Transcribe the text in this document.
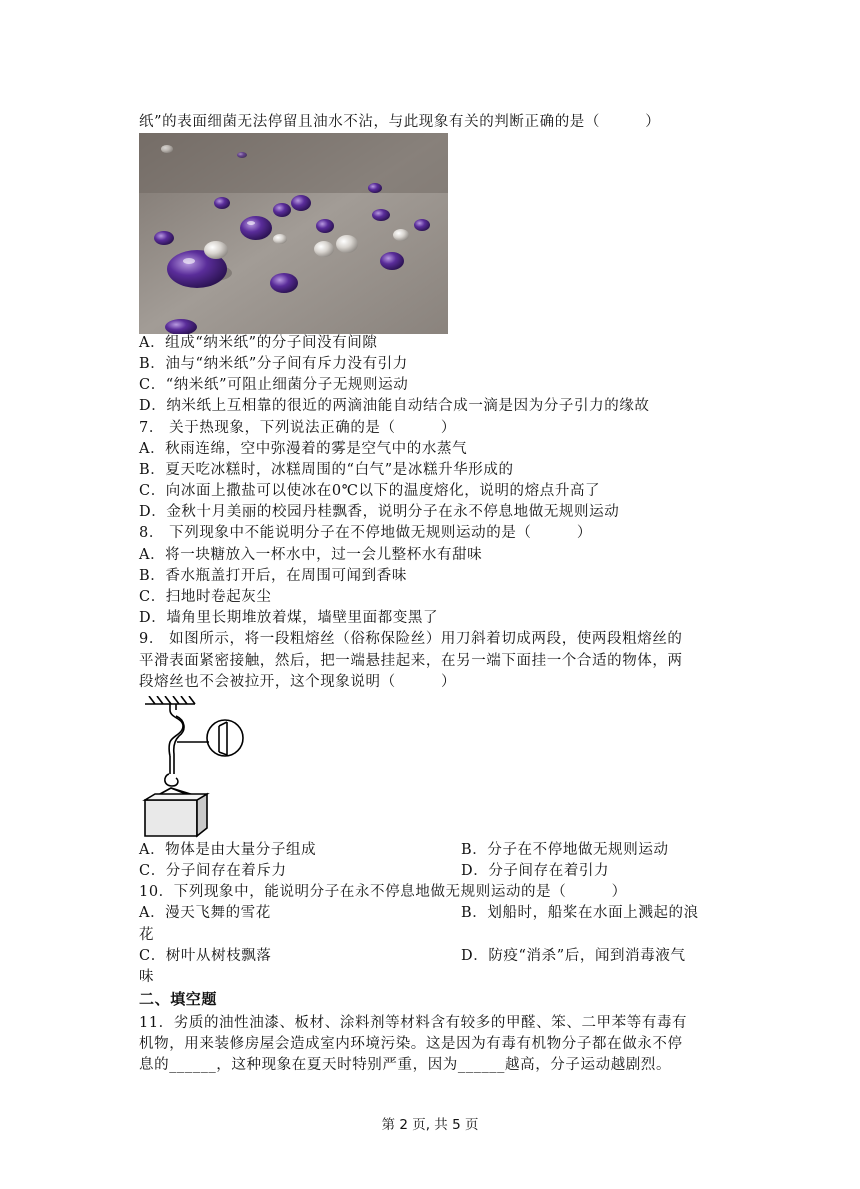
纸”的表面细菌无法停留且油水不沾，与此现象有关的判断正确的是（　　　）
A．组成“纳米纸”的分子间没有间隙
B．油与“纳米纸”分子间有斥力没有引力
C．“纳米纸”可阻止细菌分子无规则运动
D．纳米纸上互相靠的很近的两滴油能自动结合成一滴是因为分子引力的缘故
7． 关于热现象，下列说法正确的是（　　　）
A．秋雨连绵，空中弥漫着的雾是空气中的水蒸气
B．夏天吃冰糕时，冰糕周围的“白气”是冰糕升华形成的
C．向冰面上撒盐可以使冰在0℃以下的温度熔化，说明的熔点升高了
D．金秋十月美丽的校园丹桂飘香，说明分子在永不停息地做无规则运动
8． 下列现象中不能说明分子在不停地做无规则运动的是（　　　）
A．将一块糖放入一杯水中，过一会儿整杯水有甜味
B．香水瓶盖打开后，在周围可闻到香味
C．扫地时卷起灰尘
D．墙角里长期堆放着煤，墙壁里面都变黑了
9． 如图所示，将一段粗熔丝（俗称保险丝）用刀斜着切成两段，使两段粗熔丝的
平滑表面紧密接触，然后，把一端悬挂起来，在另一端下面挂一个合适的物体，两
段熔丝也不会被拉开，这个现象说明（　　　）
A．物体是由大量分子组成	B．分子在不停地做无规则运动
C．分子间存在着斥力	D．分子间存在着引力
10．下列现象中，能说明分子在永不停息地做无规则运动的是（　　　）
A．漫天飞舞的雪花	B．划船时，船桨在水面上溅起的浪
花
C．树叶从树枝飘落	D．防疫“消杀”后，闻到消毒液气
味
二、填空题
11．劣质的油性油漆、板材、涂料剂等材料含有较多的甲醛、笨、二甲苯等有毒有
机物，用来装修房屋会造成室内环境污染。这是因为有毒有机物分子都在做永不停
息的______，这种现象在夏天时特别严重，因为______越高，分子运动越剧烈。
第 2 页, 共 5 页
